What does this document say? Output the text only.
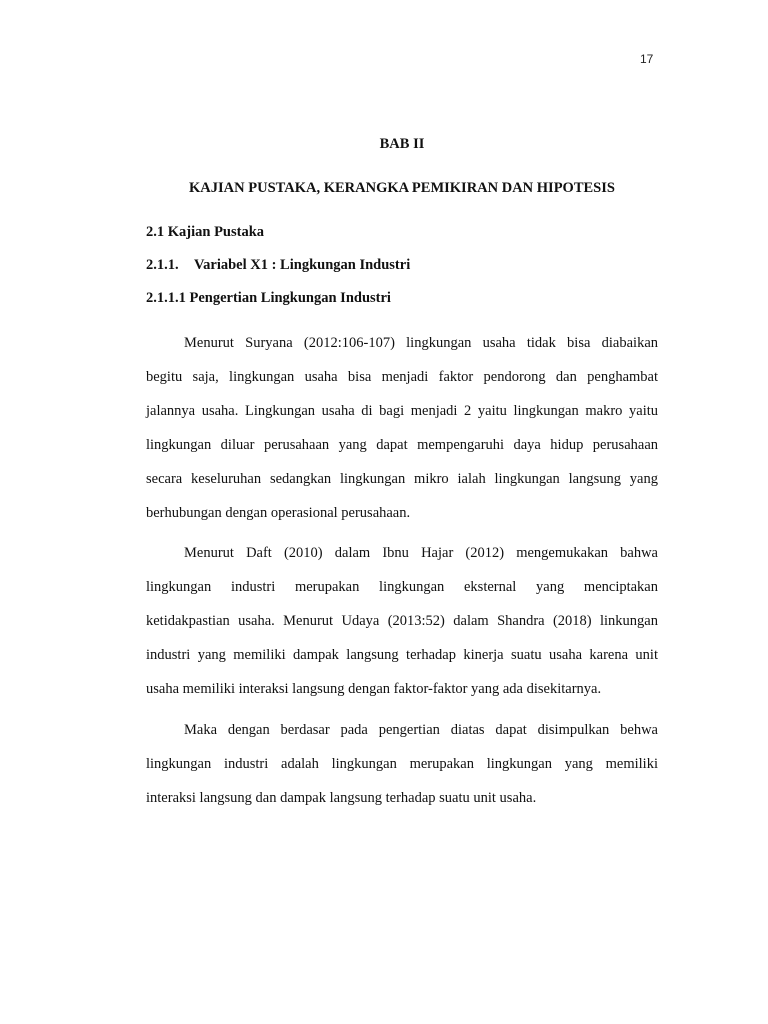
17
BAB II
KAJIAN PUSTAKA, KERANGKA PEMIKIRAN DAN HIPOTESIS
2.1 Kajian Pustaka
2.1.1. Variabel X1 : Lingkungan Industri
2.1.1.1 Pengertian Lingkungan Industri
Menurut Suryana (2012:106-107) lingkungan usaha tidak bisa diabaikan
begitu saja, lingkungan usaha bisa menjadi faktor pendorong dan penghambat
jalannya usaha. Lingkungan usaha di bagi menjadi 2 yaitu lingkungan makro yaitu
lingkungan diluar perusahaan yang dapat mempengaruhi daya hidup perusahaan
secara keseluruhan sedangkan lingkungan mikro ialah lingkungan langsung yang
berhubungan dengan operasional perusahaan.
Menurut Daft (2010) dalam Ibnu Hajar (2012) mengemukakan bahwa
lingkungan industri merupakan lingkungan eksternal yang menciptakan
ketidakpastian usaha. Menurut Udaya (2013:52) dalam Shandra (2018) linkungan
industri yang memiliki dampak langsung terhadap kinerja suatu usaha karena unit
usaha memiliki interaksi langsung dengan faktor-faktor yang ada disekitarnya.
Maka dengan berdasar pada pengertian diatas dapat disimpulkan behwa
lingkungan industri adalah lingkungan merupakan lingkungan yang memiliki
interaksi langsung dan dampak langsung terhadap suatu unit usaha.
